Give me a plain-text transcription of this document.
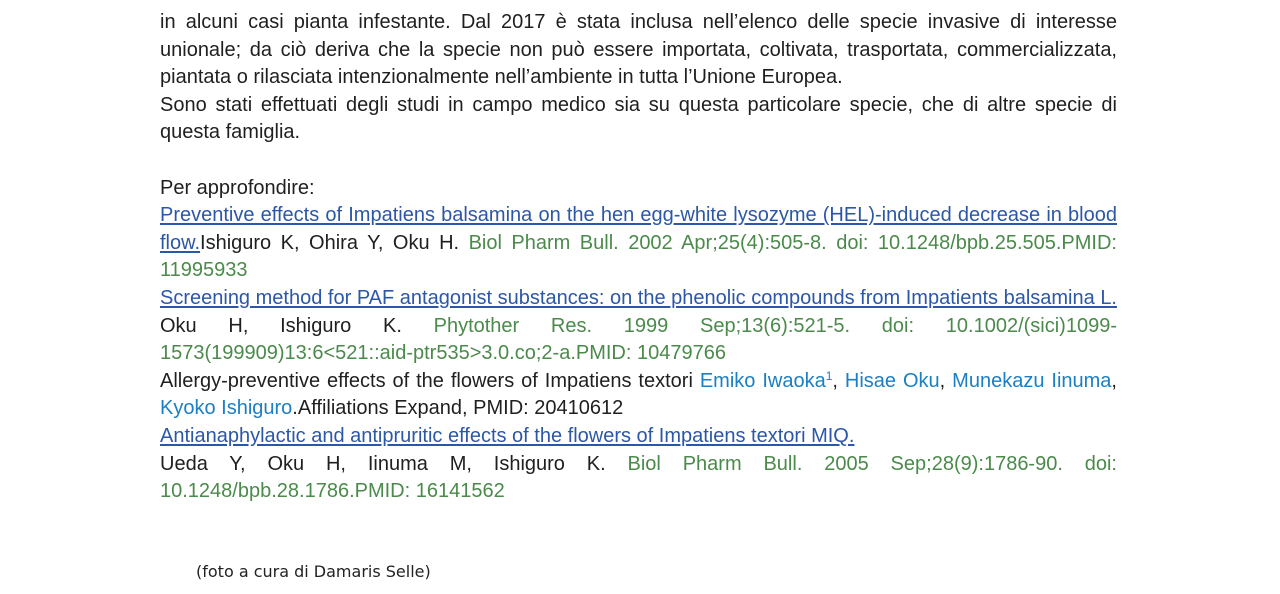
in alcuni casi pianta infestante. Dal 2017 è stata inclusa nell’elenco delle specie invasive di interesse unionale; da ciò deriva che la specie non può essere importata, coltivata, trasportata, commercializzata, piantata o rilasciata intenzionalmente nell’ambiente in tutta l’Unione Europea.

Sono stati effettuati degli studi in campo medico sia su questa particolare specie, che di altre specie di questa famiglia.

Per approfondire:

Preventive effects of Impatiens balsamina on the hen egg-white lysozyme (HEL)-induced decrease in blood flow.Ishiguro K, Ohira Y, Oku H. Biol Pharm Bull. 2002 Apr;25(4):505-8. doi: 10.1248/bpb.25.505.PMID: 11995933

Screening method for PAF antagonist substances: on the phenolic compounds from Impatients balsamina L. Oku H, Ishiguro K. Phytother Res. 1999 Sep;13(6):521-5. doi: 10.1002/(sici)1099-1573(199909)13:6<521::aid-ptr535>3.0.co;2-a.PMID: 10479766

Allergy-preventive effects of the flowers of Impatiens textori Emiko Iwaoka$^1$, Hisae Oku, Munekazu Iinuma, Kyoko Ishiguro.Affiliations Expand, PMID: 20410612

Antianaphylactic and antipruritic effects of the flowers of Impatiens textori MIQ.

Ueda Y, Oku H, Iinuma M, Ishiguro K. Biol Pharm Bull. 2005 Sep;28(9):1786-90. doi: 10.1248/bpb.28.1786.PMID: 16141562

(foto a cura di Damaris Selle)
